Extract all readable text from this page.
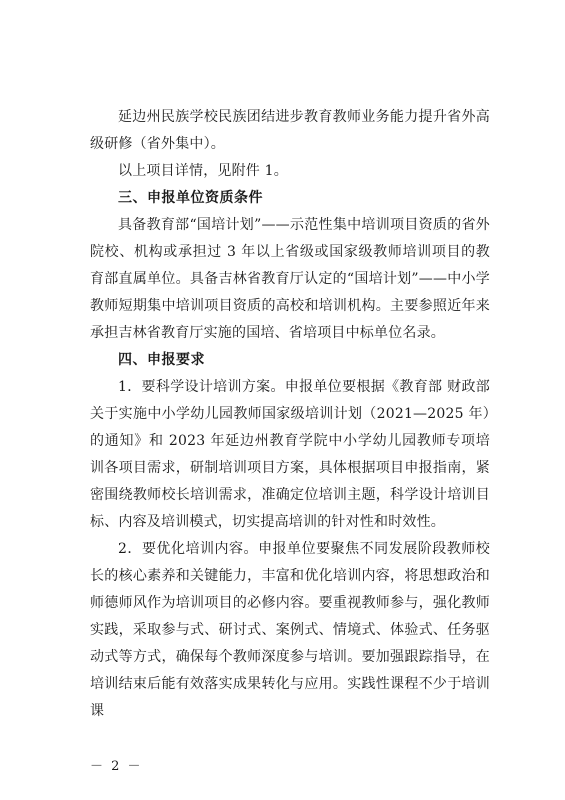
延边州民族学校民族团结进步教育教师业务能力提升省外高级研修（省外集中）。

以上项目详情，见附件 1。

三、申报单位资质条件

具备教育部“国培计划”——示范性集中培训项目资质的省外院校、机构或承担过 3 年以上省级或国家级教师培训项目的教育部直属单位。具备吉林省教育厅认定的“国培计划”——中小学教师短期集中培训项目资质的高校和培训机构。主要参照近年来承担吉林省教育厅实施的国培、省培项目中标单位名录。

四、申报要求

1．要科学设计培训方案。申报单位要根据《教育部 财政部关于实施中小学幼儿园教师国家级培训计划（2021—2025 年）的通知》和 2023 年延边州教育学院中小学幼儿园教师专项培训各项目需求，研制培训项目方案，具体根据项目申报指南，紧密围绕教师校长培训需求，准确定位培训主题，科学设计培训目标、内容及培训模式，切实提高培训的针对性和时效性。

2．要优化培训内容。申报单位要聚焦不同发展阶段教师校长的核心素养和关键能力，丰富和优化培训内容，将思想政治和师德师风作为培训项目的必修内容。要重视教师参与，强化教师实践，采取参与式、研讨式、案例式、情境式、体验式、任务驱动式等方式，确保每个教师深度参与培训。要加强跟踪指导，在培训结束后能有效落实成果转化与应用。实践性课程不少于培训课

－ 2 －
